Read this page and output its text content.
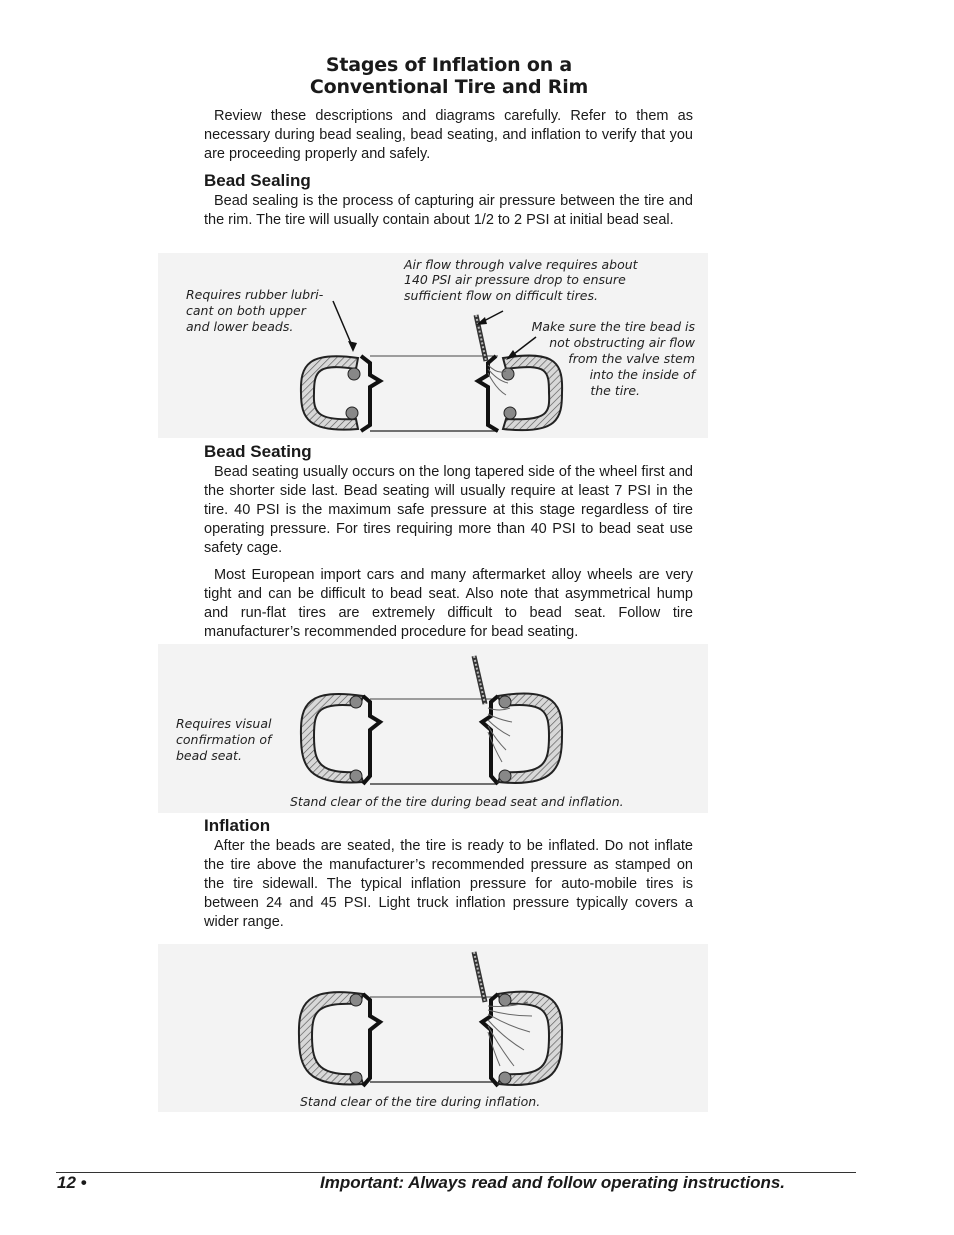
Stages of Inflation on a
Conventional Tire and Rim

Review these descriptions and diagrams carefully. Refer to them as necessary during bead sealing, bead seating, and inflation to verify that you are proceeding properly and safely.

Bead Sealing

Bead sealing is the process of capturing air pressure between the tire and the rim. The tire will usually contain about 1/2 to 2 PSI at initial bead seal.

Requires rubber lubri-
cant on both upper
and lower beads.
Air flow through valve requires about
140 PSI air pressure drop to ensure
sufficient flow on difficult tires.
Make sure the tire bead is
not obstructing air flow
from the valve stem
into the inside of
the tire.
Bead Seating

Bead seating usually occurs on the long tapered side of the wheel first and the shorter side last. Bead seating will usually require at least 7 PSI in the tire. 40 PSI is the maximum safe pressure at this stage regardless of tire operating pressure. For tires requiring more than 40 PSI to bead seat use safety cage.

Most European import cars and many aftermarket alloy wheels are very tight and can be difficult to bead seat. Also note that asymmetrical hump and run-flat tires are extremely difficult to bead seat. Follow tire manufacturer’s recommended procedure for bead seating.

Requires visual
confirmation of
bead seat.
Stand clear of the tire during bead seat and inflation.
Inflation

After the beads are seated, the tire is ready to be inflated. Do not inflate the tire above the manufacturer’s recommended pressure as stamped on the tire sidewall. The typical inflation pressure for auto-mobile tires is between 24 and 45 PSI. Light truck inflation pressure typically covers a wider range.

Stand clear of the tire during inflation.
12 •	Important: Always read and follow operating instructions.
